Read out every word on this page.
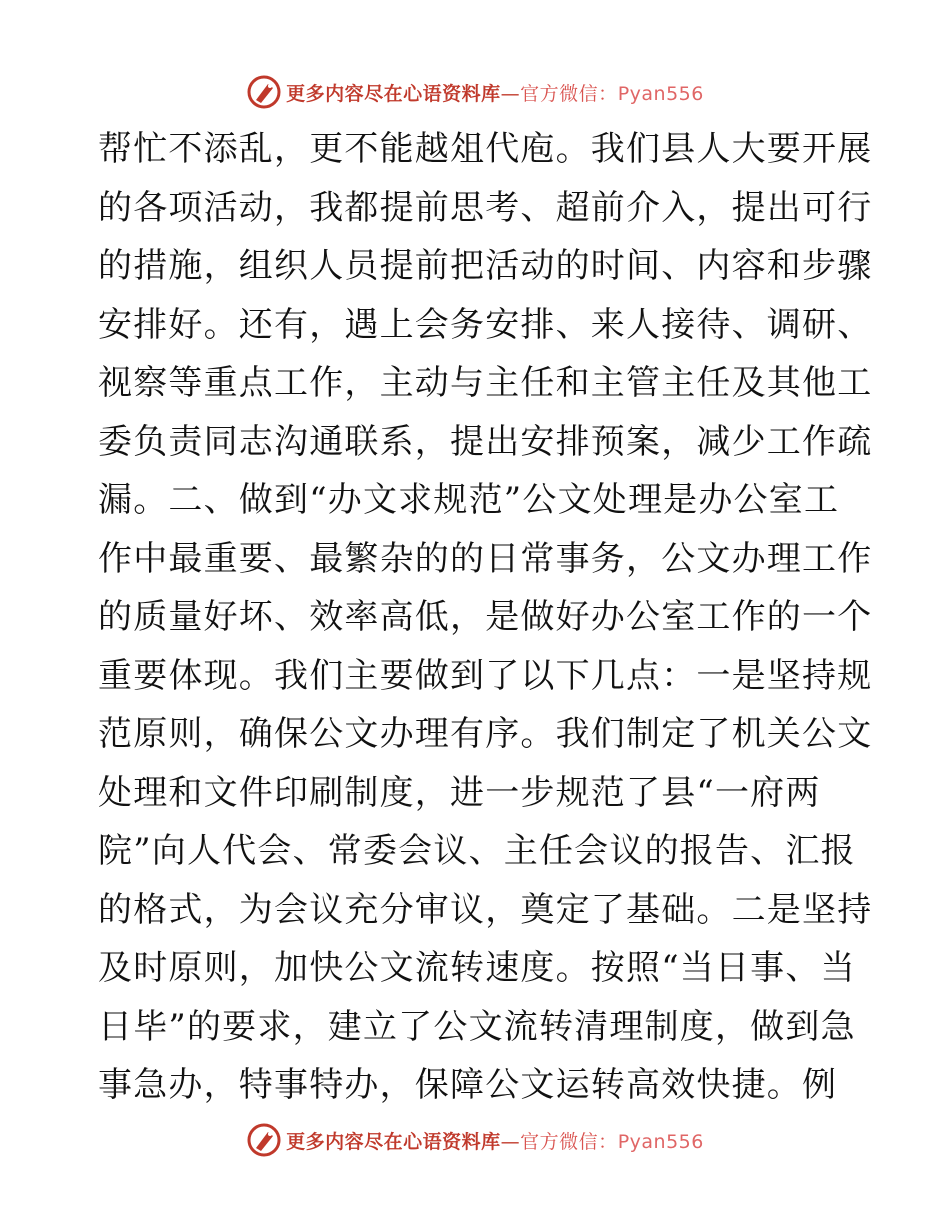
更多内容尽在心语资料库—官方微信：Pyan556
帮忙不添乱，更不能越俎代庖。我们县人大要开展
的各项活动，我都提前思考、超前介入，提出可行
的措施，组织人员提前把活动的时间、内容和步骤
安排好。还有，遇上会务安排、来人接待、调研、
视察等重点工作，主动与主任和主管主任及其他工
委负责同志沟通联系，提出安排预案，减少工作疏
漏。二、做到“办文求规范”公文处理是办公室工
作中最重要、最繁杂的的日常事务，公文办理工作
的质量好坏、效率高低，是做好办公室工作的一个
重要体现。我们主要做到了以下几点：一是坚持规
范原则，确保公文办理有序。我们制定了机关公文
处理和文件印刷制度，进一步规范了县“一府两
院”向人代会、常委会议、主任会议的报告、汇报
的格式，为会议充分审议，奠定了基础。二是坚持
及时原则，加快公文流转速度。按照“当日事、当
日毕”的要求，建立了公文流转清理制度，做到急
事急办，特事特办，保障公文运转高效快捷。例
更多内容尽在心语资料库—官方微信：Pyan556
